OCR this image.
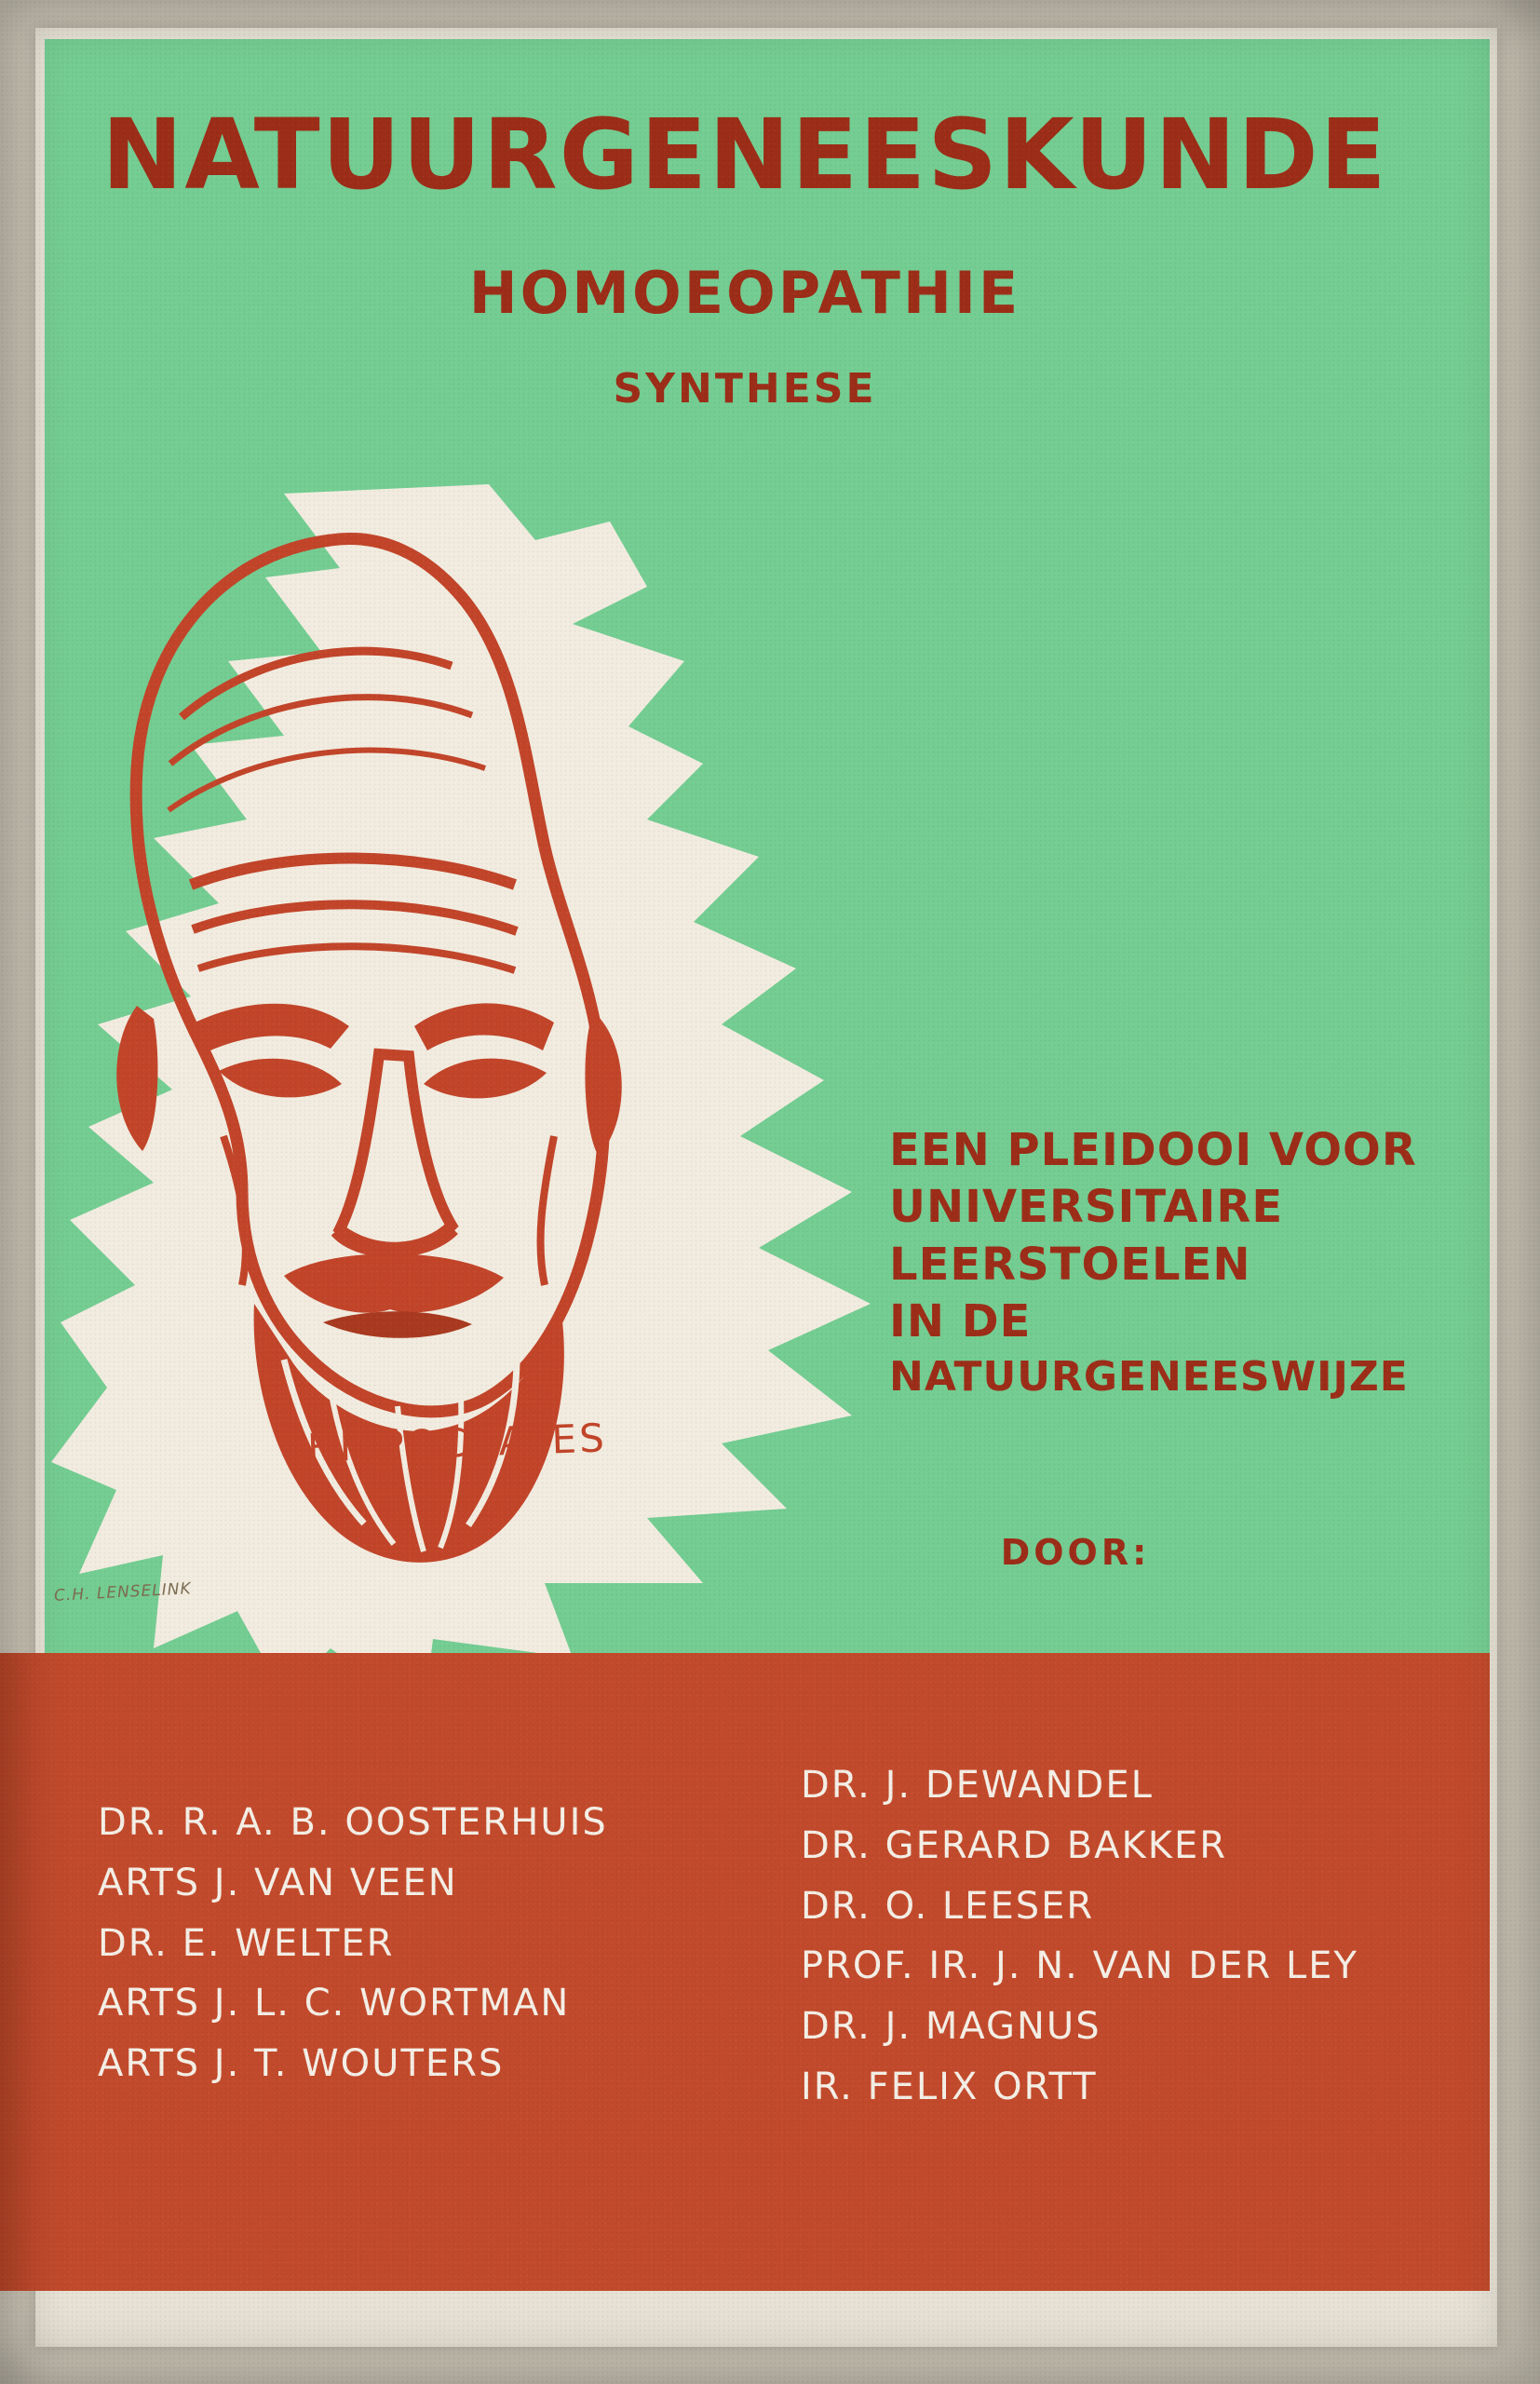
NATUURGENEESKUNDE
HOMOEOPATHIE
SYNTHESE
EEN PLEIDOOI VOOR
UNIVERSITAIRE
LEERSTOELEN
IN DE
NATUURGENEESWIJZE
DOOR:
HIPPOCRATES
C.H. LENSELINK
DR. R. A. B. OOSTERHUIS
ARTS J. VAN VEEN
DR. E. WELTER
ARTS J. L. C. WORTMAN
ARTS J. T. WOUTERS
DR. J. DEWANDEL
DR. GERARD BAKKER
DR. O. LEESER
PROF. IR. J. N. VAN DER LEY
DR. J. MAGNUS
IR. FELIX ORTT
